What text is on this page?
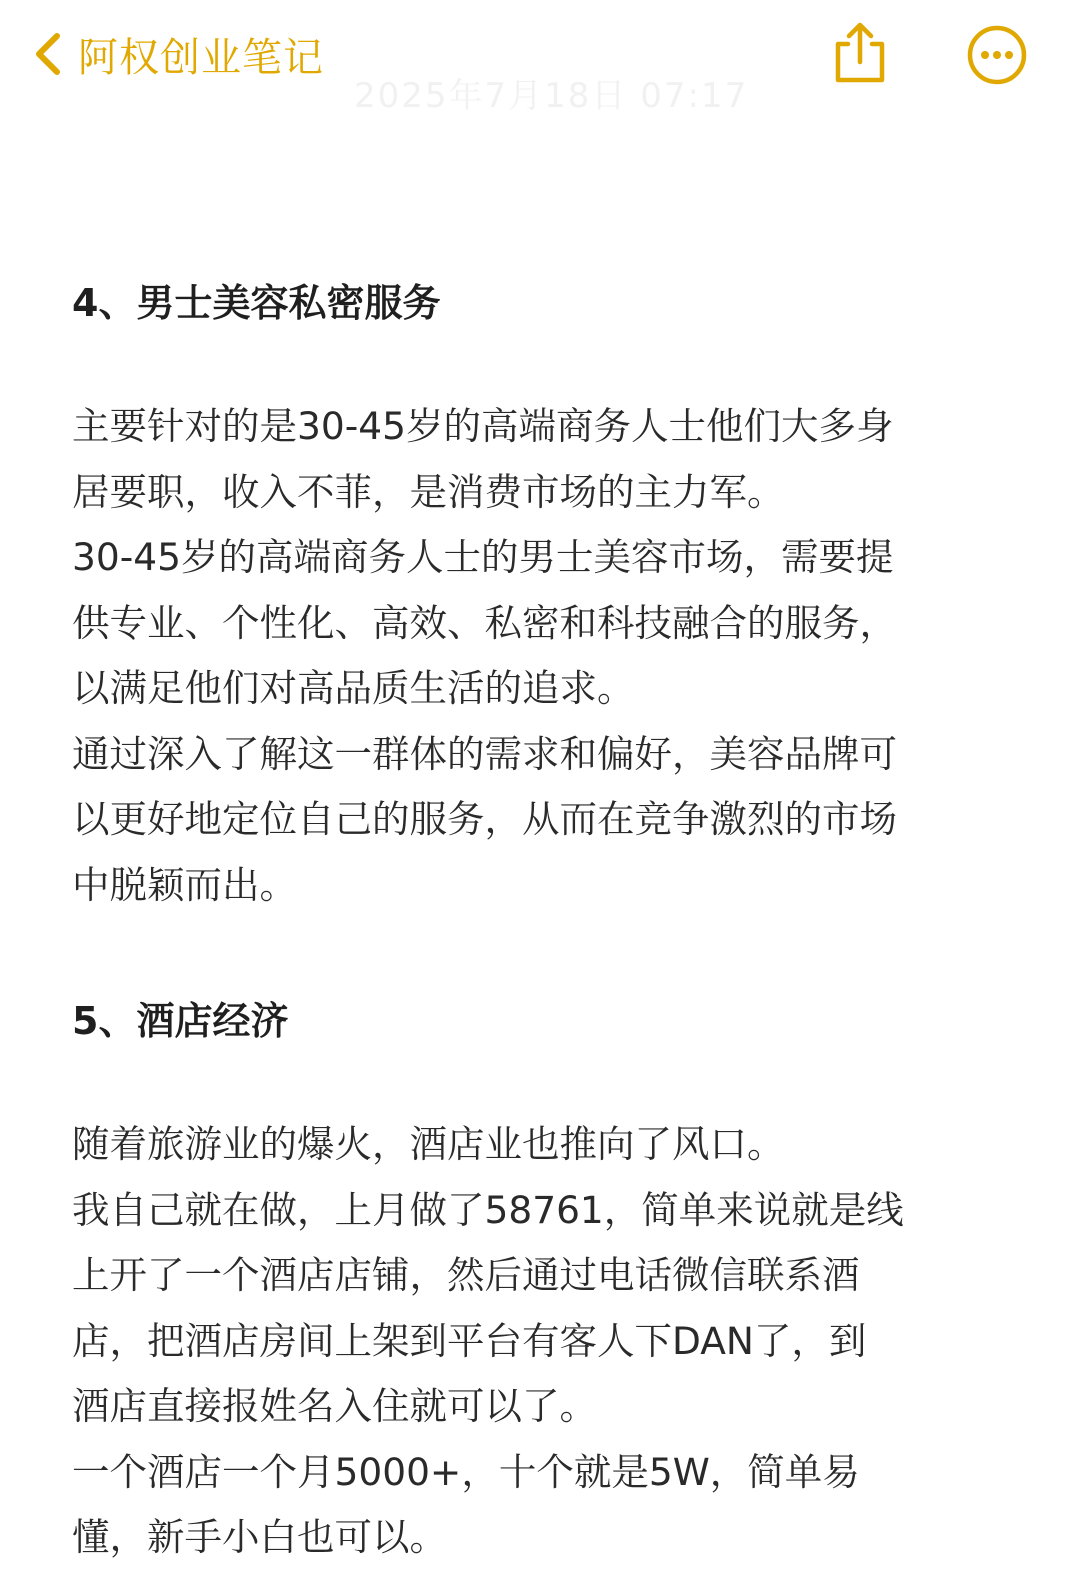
阿权创业笔记
2025年7月18日 07:17
4、男士美容私密服务
主要针对的是30-45岁的高端商务人士他们大多身
居要职，收入不菲，是消费市场的主力军。
30-45岁的高端商务人士的男士美容市场，需要提
供专业、个性化、高效、私密和科技融合的服务，
以满足他们对高品质生活的追求。
通过深入了解这一群体的需求和偏好，美容品牌可
以更好地定位自己的服务，从而在竞争激烈的市场
中脱颖而出。
5、酒店经济
随着旅游业的爆火，酒店业也推向了风口。
我自己就在做，上月做了58761，简单来说就是线
上开了一个酒店店铺，然后通过电话微信联系酒
店，把酒店房间上架到平台有客人下DAN了，到
酒店直接报姓名入住就可以了。
一个酒店一个月5000+，十个就是5W，简单易
懂，新手小白也可以。
